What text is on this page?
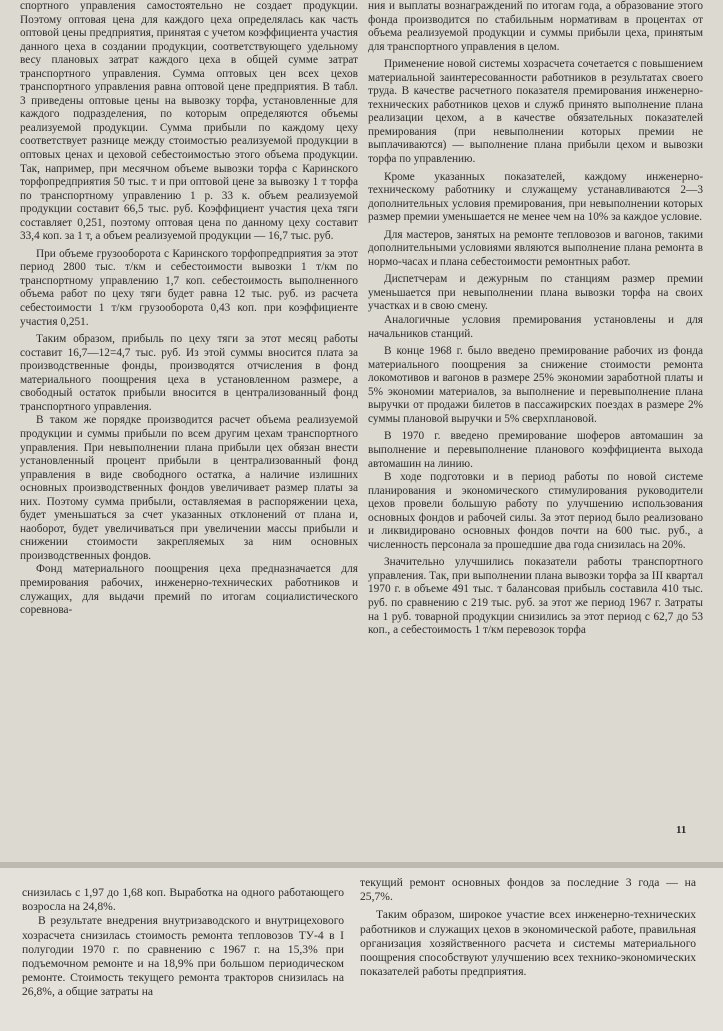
спортного управления самостоятельно не создает продукции. Поэтому оптовая цена для каждого цеха определялась как часть оптовой цены предприятия, принятая с учетом коэффициента участия данного цеха в создании продукции, соответствующего удельному весу плановых затрат каждого цеха в общей сумме затрат транспортного управления. Сумма оптовых цен всех цехов транспортного управления равна оптовой цене предприятия. В табл. 3 приведены оптовые цены на вывозку торфа, установленные для каждого подразделения, по которым определяются объемы реализуемой продукции. Сумма прибыли по каждому цеху соответствует разнице между стоимостью реализуемой продукции в оптовых ценах и цеховой себестоимостью этого объема продукции. Так, например, при месячном объеме вывозки торфа с Каринского торфопредприятия 50 тыс. т и при оптовой цене за вывозку 1 т торфа по транспортному управлению 1 р. 33 к. объем реализуемой продукции составит 66,5 тыс. руб. Коэффициент участия цеха тяги составляет 0,251, поэтому оптовая цена по данному цеху составит 33,4 коп. за 1 т, а объем реализуемой продукции — 16,7 тыс. руб.

При объеме грузооборота с Каринского торфопредприятия за этот период 2800 тыс. т/км и себестоимости вывозки 1 т/км по транспортному управлению 1,7 коп. себестоимость выполненного объема работ по цеху тяги будет равна 12 тыс. руб. из расчета себестоимости 1 т/км грузооборота 0,43 коп. при коэффициенте участия 0,251.

Таким образом, прибыль по цеху тяги за этот месяц работы составит 16,7—12=4,7 тыс. руб. Из этой суммы вносится плата за производственные фонды, производятся отчисления в фонд материального поощрения цеха в установленном размере, а свободный остаток прибыли вносится в централизованный фонд транспортного управления.

В таком же порядке производится расчет объема реализуемой продукции и суммы прибыли по всем другим цехам транспортного управления. При невыполнении плана прибыли цех обязан внести установленный процент прибыли в централизованный фонд управления в виде свободного остатка, а наличие излишних основных производственных фондов увеличивает размер платы за них. Поэтому сумма прибыли, оставляемая в распоряжении цеха, будет уменьшаться за счет указанных отклонений от плана и, наоборот, будет увеличиваться при увеличении массы прибыли и снижении стоимости закрепляемых за ним основных производственных фондов.

Фонд материального поощрения цеха предназначается для премирования рабочих, инженерно-технических работников и служащих, для выдачи премий по итогам социалистического соревнова-

ния и выплаты вознаграждений по итогам года, а образование этого фонда производится по стабильным нормативам в процентах от объема реализуемой продукции и суммы прибыли цеха, принятым для транспортного управления в целом.

Применение новой системы хозрасчета сочетается с повышением материальной заинтересованности работников в результатах своего труда. В качестве расчетного показателя премирования инженерно-технических работников цехов и служб принято выполнение плана реализации цехом, а в качестве обязательных показателей премирования (при невыполнении которых премии не выплачиваются) — выполнение плана прибыли цехом и вывозки торфа по управлению.

Кроме указанных показателей, каждому инженерно-техническому работнику и служащему устанавливаются 2—3 дополнительных условия премирования, при невыполнении которых размер премии уменьшается не менее чем на 10% за каждое условие.

Для мастеров, занятых на ремонте тепловозов и вагонов, такими дополнительными условиями являются выполнение плана ремонта в нормо-часах и плана себестоимости ремонтных работ.

Диспетчерам и дежурным по станциям размер премии уменьшается при невыполнении плана вывозки торфа на своих участках и в свою смену.

Аналогичные условия премирования установлены и для начальников станций.

В конце 1968 г. было введено премирование рабочих из фонда материального поощрения за снижение стоимости ремонта локомотивов и вагонов в размере 25% экономии заработной платы и 5% экономии материалов, за выполнение и перевыполнение плана выручки от продажи билетов в пассажирских поездах в размере 2% суммы плановой выручки и 5% сверхплановой.

В 1970 г. введено премирование шоферов автомашин за выполнение и перевыполнение планового коэффициента выхода автомашин на линию.

В ходе подготовки и в период работы по новой системе планирования и экономического стимулирования руководители цехов провели большую работу по улучшению использования основных фондов и рабочей силы. За этот период было реализовано и ликвидировано основных фондов почти на 600 тыс. руб., а численность персонала за прошедшие два года снизилась на 20%.

Значительно улучшились показатели работы транспортного управления. Так, при выполнении плана вывозки торфа за III квартал 1970 г. в объеме 491 тыс. т балансовая прибыль составила 410 тыс. руб. по сравнению с 219 тыс. руб. за этот же период 1967 г. Затраты на 1 руб. товарной продукции снизились за этот период с 62,7 до 53 коп., а себестоимость 1 т/км перевозок торфа

11

снизилась с 1,97 до 1,68 коп. Выработка на одного работающего возросла на 24,8%.

В результате внедрения внутризаводского и внутрицехового хозрасчета снизилась стоимость ремонта тепловозов ТУ-4 в I полугодии 1970 г. по сравнению с 1967 г. на 15,3% при подъемочном ремонте и на 18,9% при большом периодическом ремонте. Стоимость текущего ремонта тракторов снизилась на 26,8%, а общие затраты на

текущий ремонт основных фондов за последние 3 года — на 25,7%.

Таким образом, широкое участие всех инженерно-технических работников и служащих цехов в экономической работе, правильная организация хозяйственного расчета и системы материального поощрения способствуют улучшению всех технико-экономических показателей работы предприятия.
